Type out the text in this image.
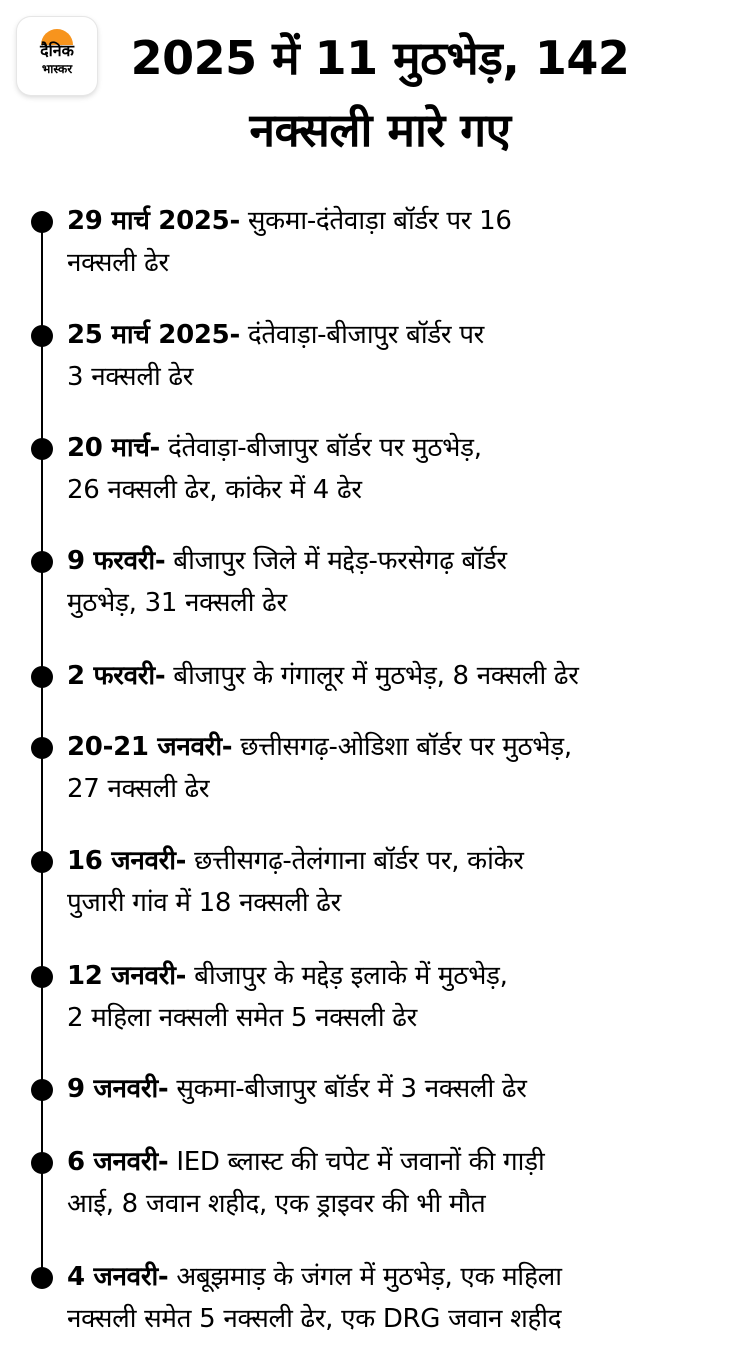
दैनिक
भास्कर	2025 में 11 मुठभेड़, 142
नक्सली मारे गए
29 मार्च 2025- सुकमा-दंतेवाड़ा बॉर्डर पर 16
नक्सली ढेर
25 मार्च 2025- दंतेवाड़ा-बीजापुर बॉर्डर पर
3 नक्सली ढेर
20 मार्च- दंतेवाड़ा-बीजापुर बॉर्डर पर मुठभेड़,
26 नक्सली ढेर, कांकेर में 4 ढेर
9 फरवरी- बीजापुर जिले में मद्देड़-फरसेगढ़ बॉर्डर
मुठभेड़, 31 नक्सली ढेर
2 फरवरी- बीजापुर के गंगालूर में मुठभेड़, 8 नक्सली ढेर
20-21 जनवरी- छत्तीसगढ़-ओडिशा बॉर्डर पर मुठभेड़,
27 नक्सली ढेर
16 जनवरी- छत्तीसगढ़-तेलंगाना बॉर्डर पर, कांकेर
पुजारी गांव में 18 नक्सली ढेर
12 जनवरी- बीजापुर के मद्देड़ इलाके में मुठभेड़,
2 महिला नक्सली समेत 5 नक्सली ढेर
9 जनवरी- सुकमा-बीजापुर बॉर्डर में 3 नक्सली ढेर
6 जनवरी- IED ब्लास्ट की चपेट में जवानों की गाड़ी
आई, 8 जवान शहीद, एक ड्राइवर की भी मौत
4 जनवरी- अबूझमाड़ के जंगल में मुठभेड़, एक महिला
नक्सली समेत 5 नक्सली ढेर, एक DRG जवान शहीद
